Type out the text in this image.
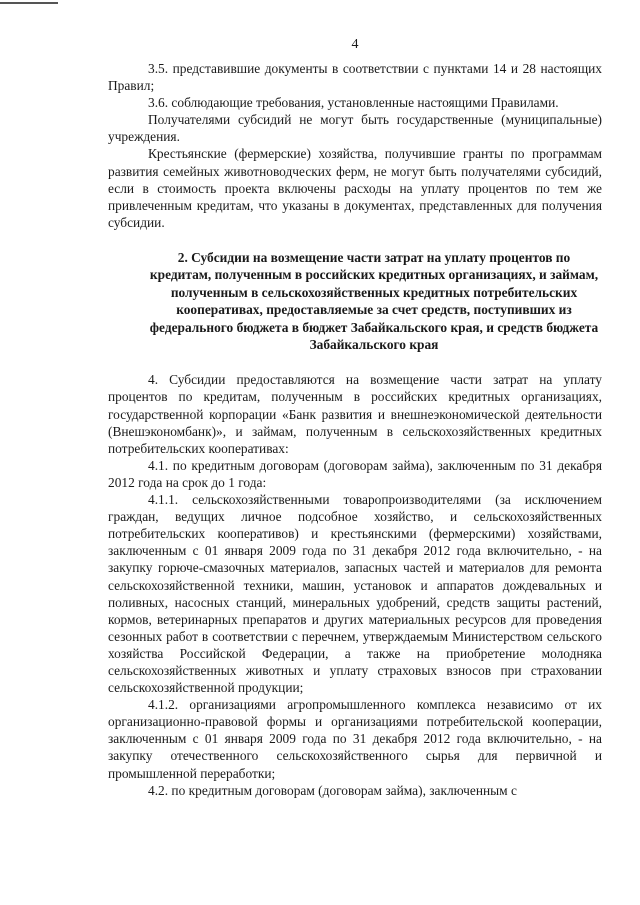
4

3.5. представившие документы в соответствии с пунктами 14 и 28 настоящих Правил;

3.6. соблюдающие требования, установленные настоящими Правилами.

Получателями субсидий не могут быть государственные (муниципальные) учреждения.

Крестьянские (фермерские) хозяйства, получившие гранты по программам развития семейных животноводческих ферм, не могут быть получателями субсидий, если в стоимость проекта включены расходы на уплату процентов по тем же привлеченным кредитам, что указаны в документах, представленных для получения субсидии.

2. Субсидии на возмещение части затрат на уплату процентов по кредитам, полученным в российских кредитных организациях, и займам, полученным в сельскохозяйственных кредитных потребительских кооперативах, предоставляемые за счет средств, поступивших из федерального бюджета в бюджет Забайкальского края, и средств бюджета Забайкальского края

4. Субсидии предоставляются на возмещение части затрат на уплату процентов по кредитам, полученным в российских кредитных организациях, государственной корпорации «Банк развития и внешнеэкономической деятельности (Внешэкономбанк)», и займам, полученным в сельскохозяйственных кредитных потребительских кооперативах:

4.1. по кредитным договорам (договорам займа), заключенным по 31 декабря 2012 года на срок до 1 года:

4.1.1. сельскохозяйственными товаропроизводителями (за исключением граждан, ведущих личное подсобное хозяйство, и сельскохозяйственных потребительских кооперативов) и крестьянскими (фермерскими) хозяйствами, заключенным с 01 января 2009 года по 31 декабря 2012 года включительно, - на закупку горюче-смазочных материалов, запасных частей и материалов для ремонта сельскохозяйственной техники, машин, установок и аппаратов дождевальных и поливных, насосных станций, минеральных удобрений, средств защиты растений, кормов, ветеринарных препаратов и других материальных ресурсов для проведения сезонных работ в соответствии с перечнем, утверждаемым Министерством сельского хозяйства Российской Федерации, а также на приобретение молодняка сельскохозяйственных животных и уплату страховых взносов при страховании сельскохозяйственной продукции;

4.1.2. организациями агропромышленного комплекса независимо от их организационно-правовой формы и организациями потребительской кооперации, заключенным с 01 января 2009 года по 31 декабря 2012 года включительно, - на закупку отечественного сельскохозяйственного сырья для первичной и промышленной переработки;

4.2. по кредитным договорам (договорам займа), заключенным с
